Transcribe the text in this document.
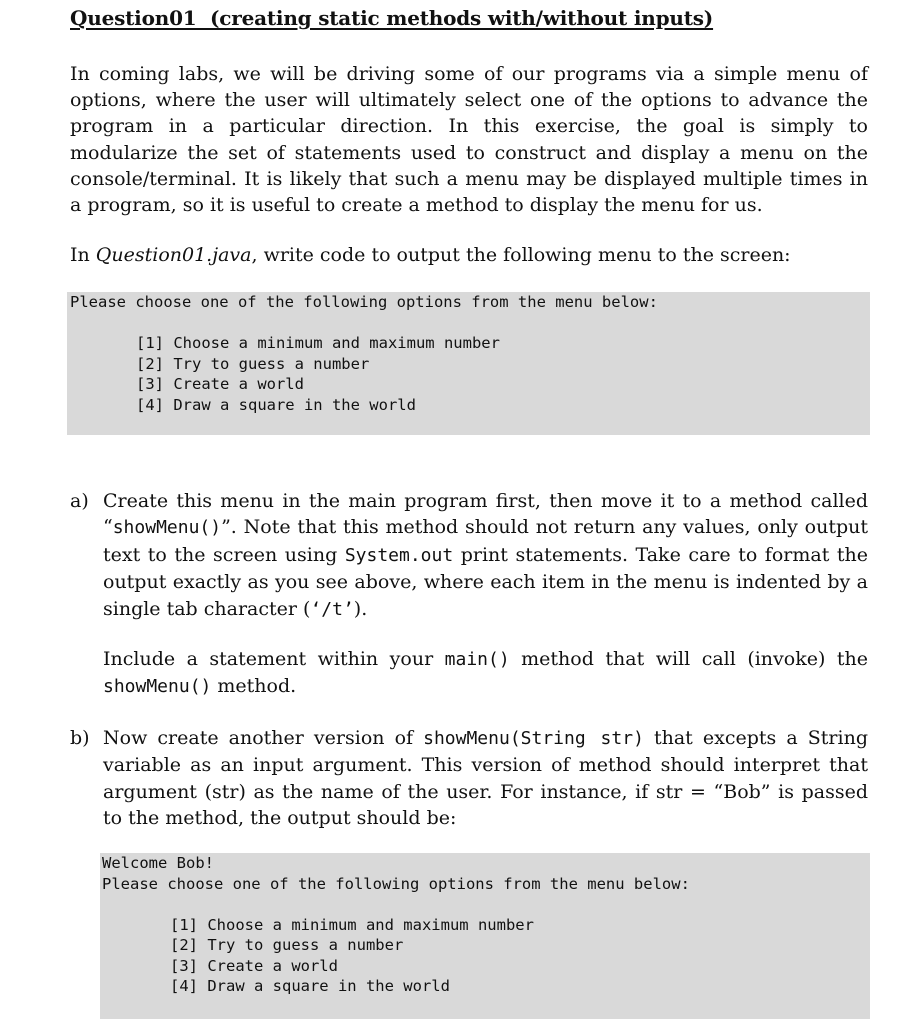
Question01  (creating static methods with/without inputs)
In coming labs, we will be driving some of our programs via a simple menu of options, where the user will ultimately select one of the options to advance the program in a particular direction. In this exercise, the goal is simply to modularize the set of statements used to construct and display a menu on the console/terminal. It is likely that such a menu may be displayed multiple times in a program, so it is useful to create a method to display the menu for us.
In Question01.java, write code to output the following menu to the screen:

Please choose one of the following options from the menu below:

[1] Choose a minimum and maximum number

[2] Try to guess a number

[3] Create a world

[4] Draw a square in the world

a) Create this menu in the main program first, then move it to a method called “showMenu()”. Note that this method should not return any values, only output text to the screen using System.out print statements. Take care to format the output exactly as you see above, where each item in the menu is indented by a single tab character (‘/t’).
Include a statement within your main() method that will call (invoke) the showMenu() method.
b) Now create another version of showMenu(String str) that excepts a String variable as an input argument. This version of method should interpret that argument (str) as the name of the user. For instance, if str = “Bob” is passed to the method, the output should be:

Welcome Bob!

Please choose one of the following options from the menu below:

[1] Choose a minimum and maximum number

[2] Try to guess a number

[3] Create a world

[4] Draw a square in the world
